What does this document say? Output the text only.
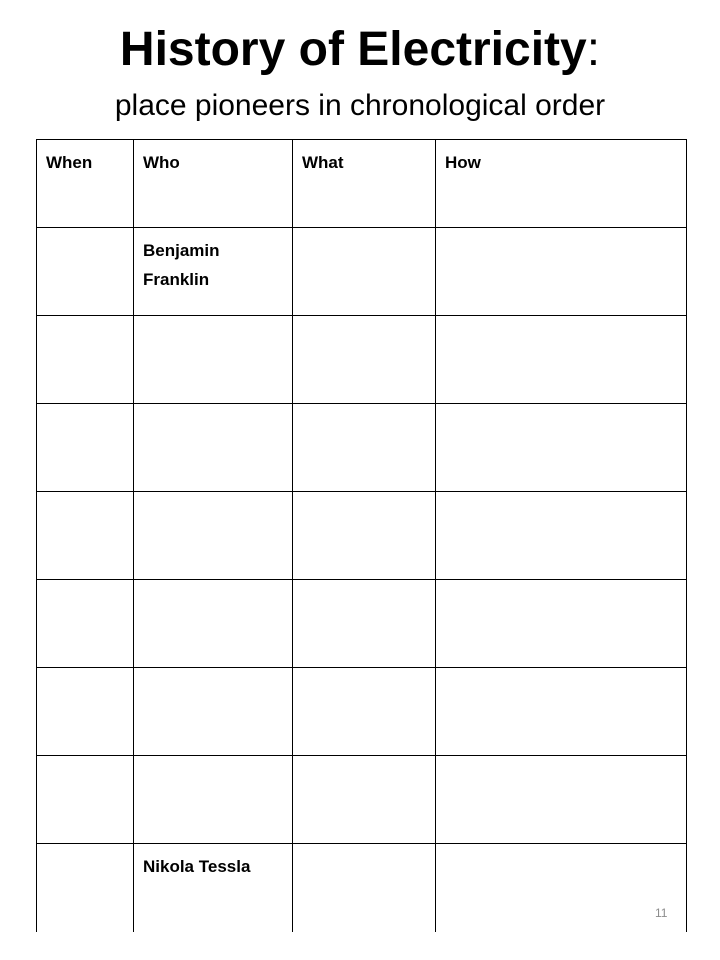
History of Electricity:
place pioneers in chronological order
When	Who	What	How
	Benjamin Franklin		

	Nikola Tessla		
11
